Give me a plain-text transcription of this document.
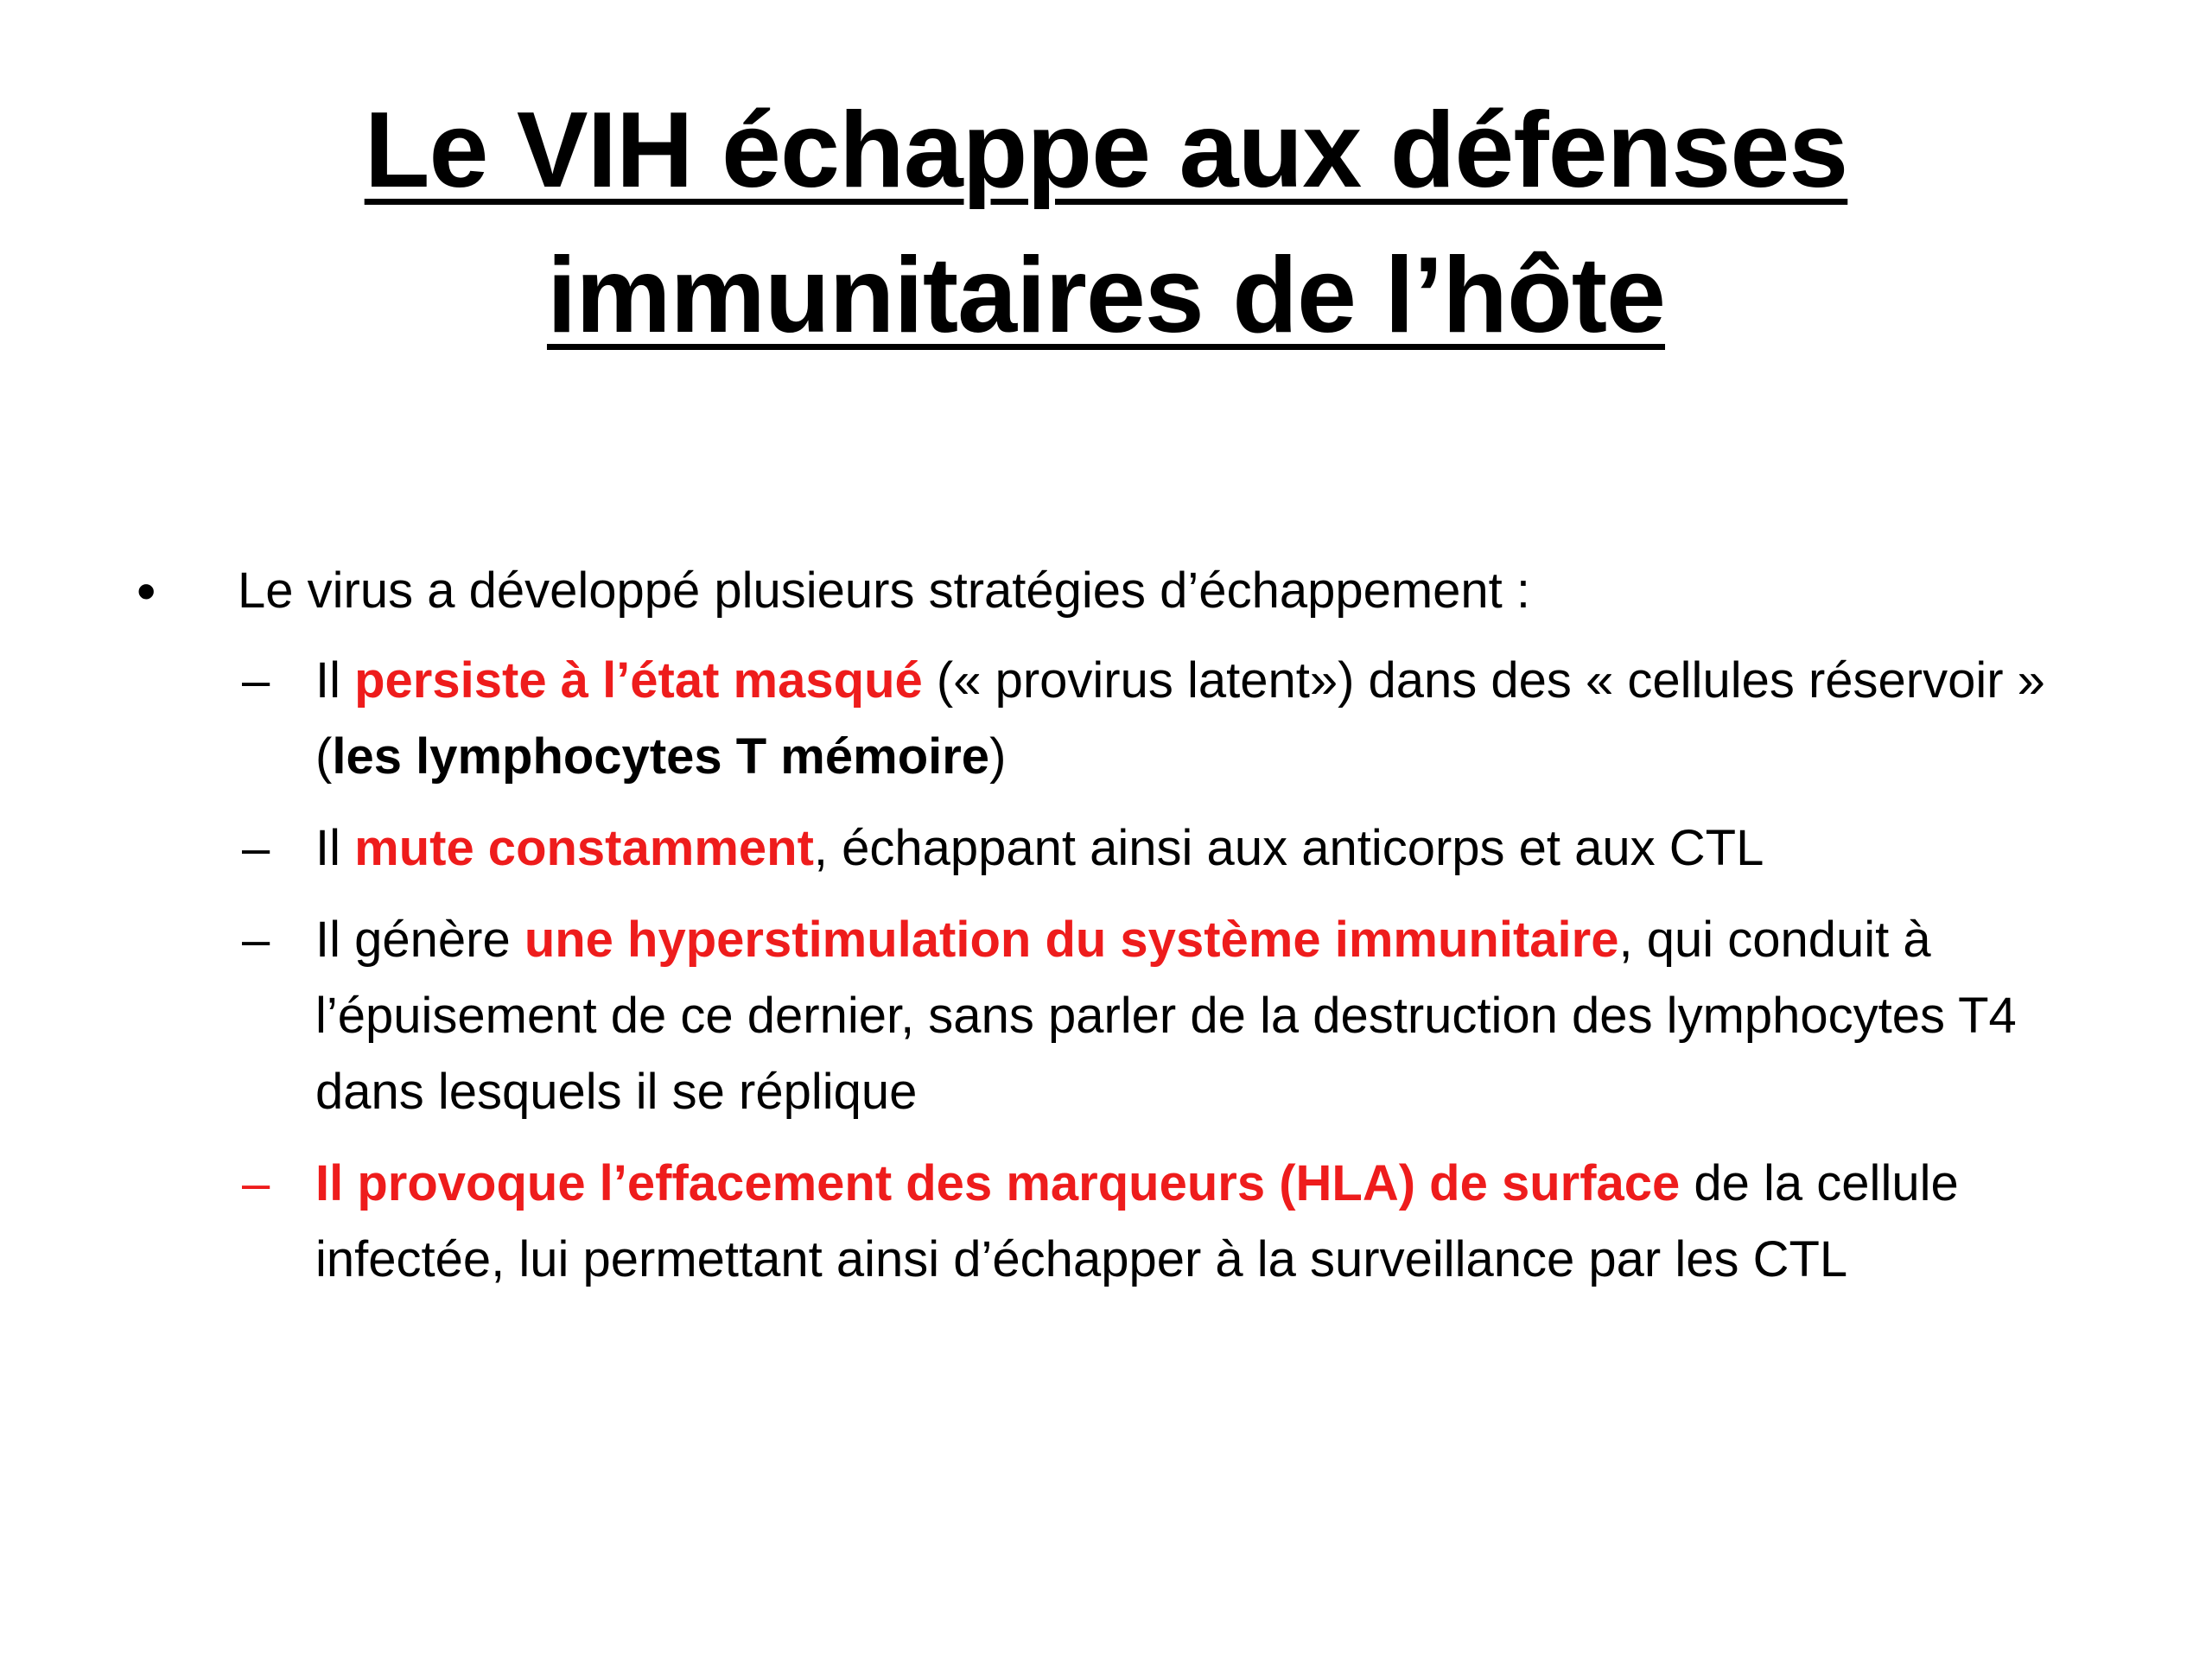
Le VIH échappe aux défenses
immunitaires de l’hôte
• Le virus a développé plusieurs stratégies d’échappement :
– Il persiste à l’état masqué (« provirus latent») dans des « cellules réservoir » (les lymphocytes T mémoire)
– Il mute constamment, échappant ainsi aux anticorps et aux CTL
– Il génère une hyperstimulation du système immunitaire, qui conduit à l’épuisement de ce dernier, sans parler de la destruction des lymphocytes T4 dans lesquels il se réplique
– Il provoque l’effacement des marqueurs (HLA) de surface de la cellule infectée, lui permettant ainsi d’échapper à la surveillance par les CTL
